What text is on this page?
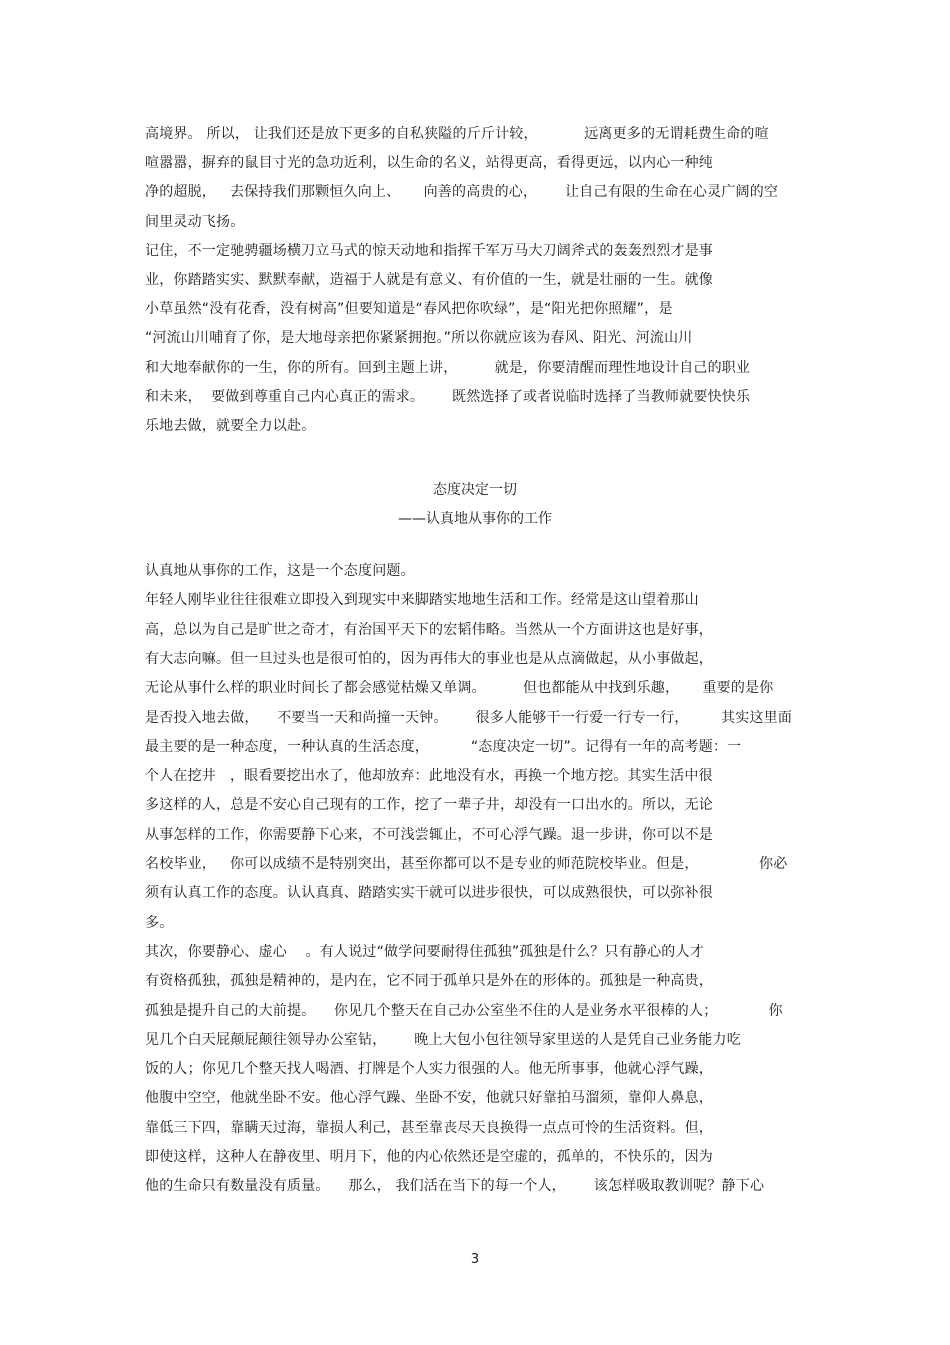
高境界。 所以， 让我们还是放下更多的自私狭隘的斤斤计较，          远离更多的无谓耗费生命的喧
喧嚣嚣，摒弃的鼠目寸光的急功近利，以生命的名义，站得更高，看得更远，以内心一种纯
净的超脱，   去保持我们那颗恒久向上、     向善的高贵的心，      让自己有限的生命在心灵广阔的空
间里灵动飞扬。
记住，不一定驰骋疆场横刀立马式的惊天动地和指挥千军万马大刀阔斧式的轰轰烈烈才是事
业，你踏踏实实、默默奉献，造福于人就是有意义、有价值的一生，就是壮丽的一生。就像
小草虽然“没有花香，没有树高”但要知道是“春风把你吹绿”，是“阳光把你照耀”，是
“河流山川哺育了你，是大地母亲把你紧紧拥抱。”所以你就应该为春风、阳光、河流山川
和大地奉献你的一生，你的所有。回到主题上讲，        就是，你要清醒而理性地设计自己的职业
和未来，  要做到尊重自己内心真正的需求。      既然选择了或者说临时选择了当教师就要快快乐
乐地去做，就要全力以赴。
态度决定一切
——认真地从事你的工作
认真地从事你的工作，这是一个态度问题。
年轻人刚毕业往往很难立即投入到现实中来脚踏实地地生活和工作。经常是这山望着那山
高，总以为自己是旷世之奇才，有治国平天下的宏韬伟略。当然从一个方面讲这也是好事，
有大志向嘛。但一旦过头也是很可怕的，因为再伟大的事业也是从点滴做起，从小事做起，
无论从事什么样的职业时间长了都会感觉枯燥又单调。        但也都能从中找到乐趣，     重要的是你
是否投入地去做，    不要当一天和尚撞一天钟。      很多人能够干一行爱一行专一行，       其实这里面
最主要的是一种态度，一种认真的生活态度，         “态度决定一切”。记得有一年的高考题：一
个人在挖井   ，眼看要挖出水了，他却放弃：此地没有水，再换一个地方挖。其实生活中很
多这样的人，总是不安心自己现有的工作，挖了一辈子井，却没有一口出水的。所以，无论
从事怎样的工作，你需要静下心来，不可浅尝辄止，不可心浮气躁。退一步讲，你可以不是
名校毕业，   你可以成绩不是特别突出，甚至你都可以不是专业的师范院校毕业。但是，             你必
须有认真工作的态度。认认真真、踏踏实实干就可以进步很快，可以成熟很快，可以弥补很
多。
其次，你要静心、虚心    。有人说过“做学问要耐得住孤独”孤独是什么？只有静心的人才
有资格孤独，孤独是精神的，是内在，它不同于孤单只是外在的形体的。孤独是一种高贵，
孤独是提升自己的大前提。    你见几个整天在自己办公室坐不住的人是业务水平很棒的人；           你
见几个白天屁颠屁颠往领导办公室钻，      晚上大包小包往领导家里送的人是凭自己业务能力吃
饭的人；你见几个整天找人喝酒、打牌是个人实力很强的人。他无所事事，他就心浮气躁，
他腹中空空，他就坐卧不安。他心浮气躁、坐卧不安，他就只好靠拍马溜须，靠仰人鼻息，
靠低三下四，靠瞒天过海，靠损人利己，甚至靠丧尽天良换得一点点可怜的生活资料。但，
即使这样，这种人在静夜里、明月下，他的内心依然还是空虚的，孤单的，不快乐的，因为
他的生命只有数量没有质量。    那么， 我们活在当下的每一个人，      该怎样吸取教训呢？静下心
3
